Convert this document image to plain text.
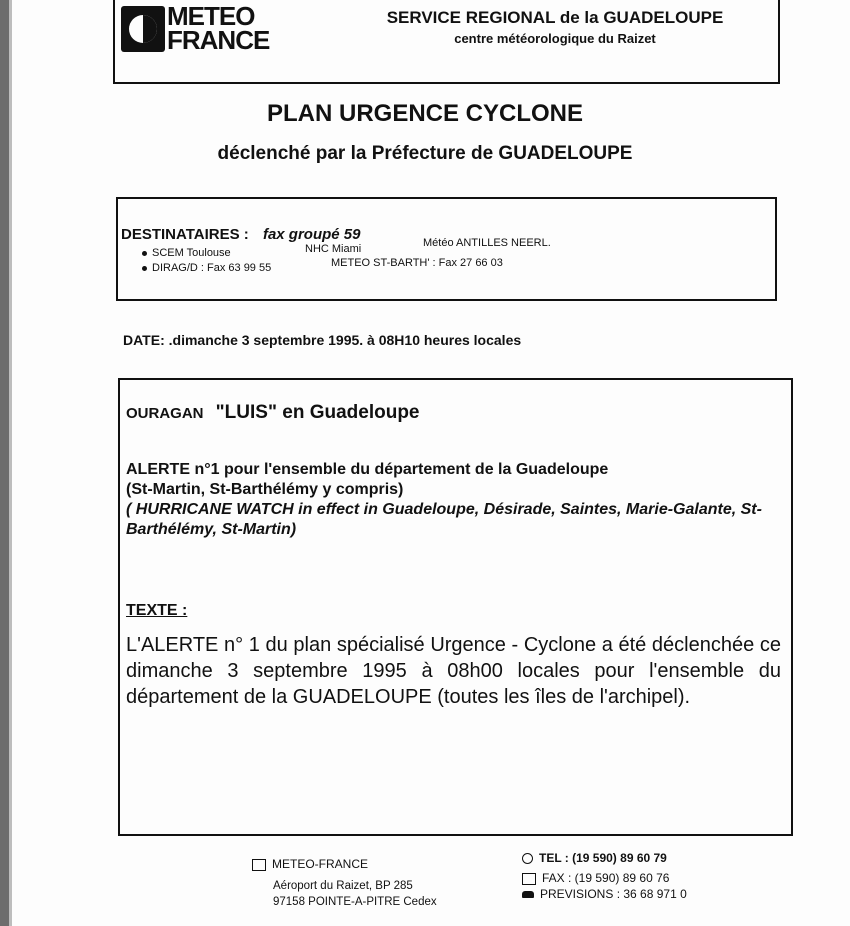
METEO
FRANCE
SERVICE REGIONAL de la GUADELOUPE
centre météorologique du Raizet
PLAN URGENCE CYCLONE
déclenché par la Préfecture de GUADELOUPE
DESTINATAIRES : fax groupé 59
SCEM Toulouse	NHC Miami	Météo ANTILLES NEERL.
DIRAG/D : Fax 63 99 55	METEO ST-BARTH' : Fax 27 66 03
DATE: .dimanche 3 septembre 1995. à 08H10 heures locales
OURAGAN "LUIS" en Guadeloupe
ALERTE n°1 pour l'ensemble du département de la Guadeloupe
(St-Martin, St-Barthélémy y compris)
( HURRICANE WATCH in effect in Guadeloupe, Désirade, Saintes, Marie-Galante, St-Barthélémy, St-Martin)
TEXTE :
L'ALERTE n° 1 du plan spécialisé Urgence - Cyclone a été déclenchée ce dimanche 3 septembre 1995 à 08h00 locales pour l'ensemble du département de la GUADELOUPE (toutes les îles de l'archipel).
METEO-FRANCE
Aéroport du Raizet, BP 285
97158 POINTE-A-PITRE Cedex
TEL : (19 590) 89 60 79
FAX : (19 590) 89 60 76
PREVISIONS : 36 68 971 0
